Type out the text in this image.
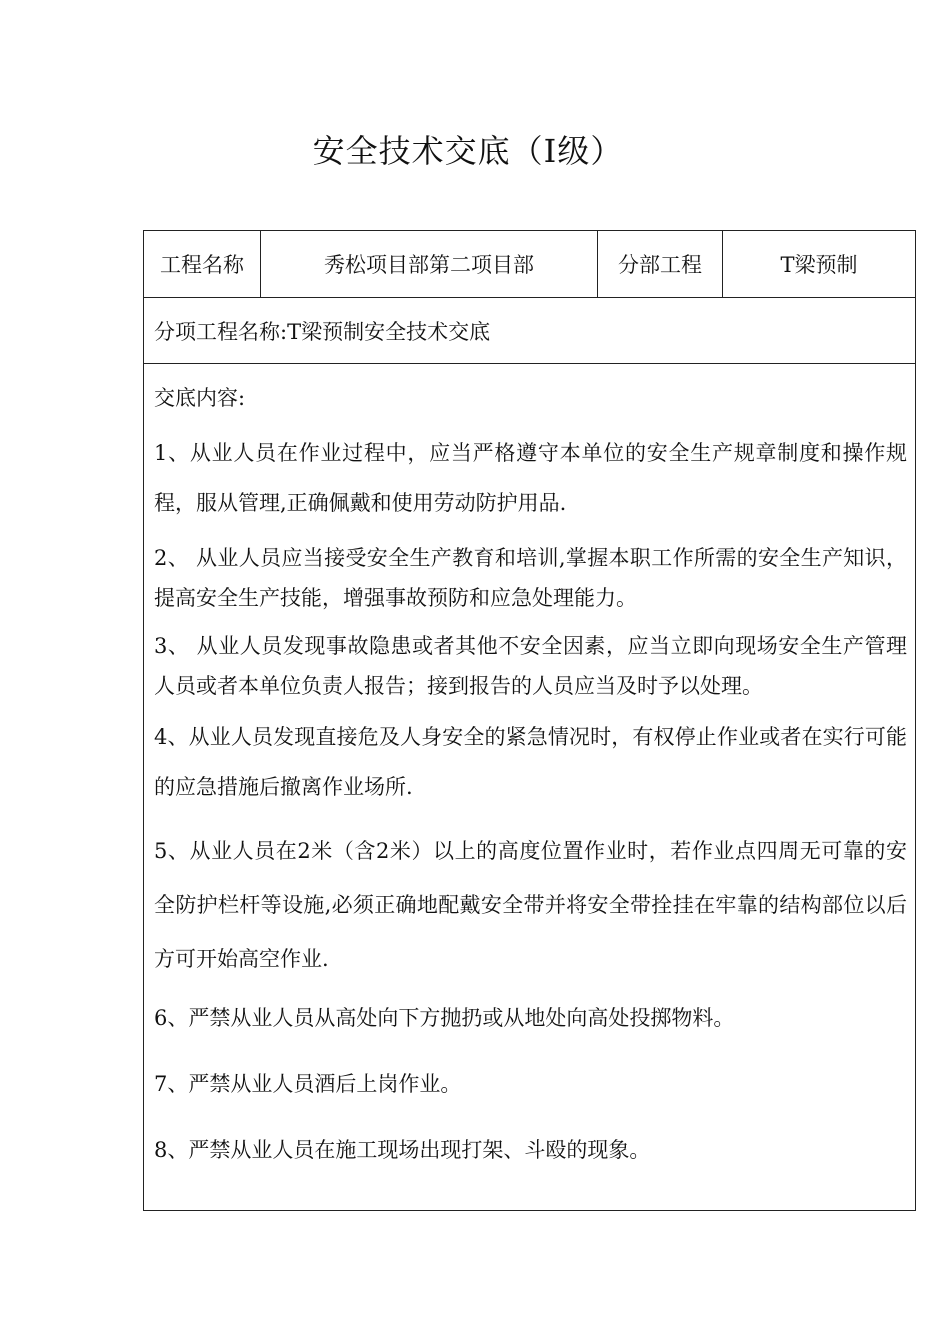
安全技术交底（Ⅰ级）
工程名称	秀松项目部第二项目部	分部工程	T梁预制
分项工程名称:T梁预制安全技术交底

交底内容:

1、从业人员在作业过程中，应当严格遵守本单位的安全生产规章制度和操作规程，服从管理,正确佩戴和使用劳动防护用品.

2、 从业人员应当接受安全生产教育和培训,掌握本职工作所需的安全生产知识，提高安全生产技能，增强事故预防和应急处理能力。

3、 从业人员发现事故隐患或者其他不安全因素，应当立即向现场安全生产管理人员或者本单位负责人报告；接到报告的人员应当及时予以处理。

4、从业人员发现直接危及人身安全的紧急情况时，有权停止作业或者在实行可能的应急措施后撤离作业场所.

5、从业人员在2米（含2米）以上的高度位置作业时，若作业点四周无可靠的安全防护栏杆等设施,必须正确地配戴安全带并将安全带拴挂在牢靠的结构部位以后方可开始高空作业.

6、严禁从业人员从高处向下方抛扔或从地处向高处投掷物料。

7、严禁从业人员酒后上岗作业。

8、严禁从业人员在施工现场出现打架、斗殴的现象。
